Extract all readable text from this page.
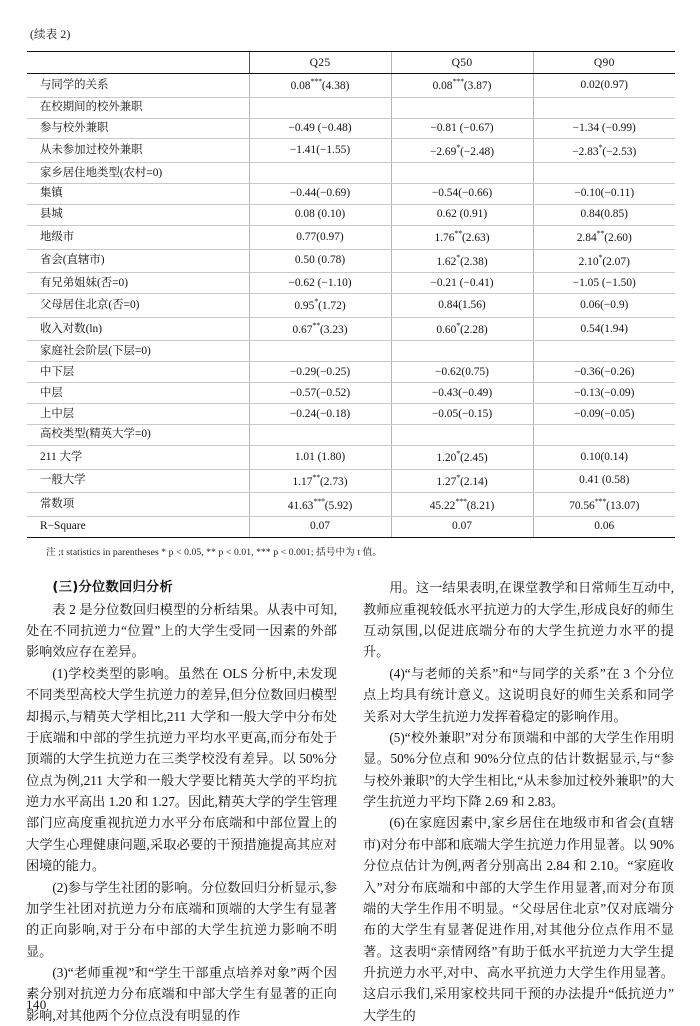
(续表 2)
	Q25	Q50	Q90
与同学的关系	0.08***(4.38)	0.08***(3.87)	0.02(0.97)
在校期间的校外兼职			
参与校外兼职	−0.49 (−0.48)	−0.81 (−0.67)	−1.34 (−0.99)
从未参加过校外兼职	−1.41(−1.55)	−2.69*(−2.48)	−2.83*(−2.53)
家乡居住地类型(农村=0)			
集镇	−0.44(−0.69)	−0.54(−0.66)	−0.10(−0.11)
县城	0.08 (0.10)	0.62 (0.91)	0.84(0.85)
地级市	0.77(0.97)	1.76**(2.63)	2.84**(2.60)
省会(直辖市)	0.50 (0.78)	1.62*(2.38)	2.10*(2.07)
有兄弟姐妹(否=0)	−0.62 (−1.10)	−0.21 (−0.41)	−1.05 (−1.50)
父母居住北京(否=0)	0.95*(1.72)	0.84(1.56)	0.06(−0.9)
收入对数(ln)	0.67**(3.23)	0.60*(2.28)	0.54(1.94)
家庭社会阶层(下层=0)			
中下层	−0.29(−0.25)	−0.62(0.75)	−0.36(−0.26)
中层	−0.57(−0.52)	−0.43(−0.49)	−0.13(−0.09)
上中层	−0.24(−0.18)	−0.05(−0.15)	−0.09(−0.05)
高校类型(精英大学=0)			
211 大学	1.01 (1.80)	1.20*(2.45)	0.10(0.14)
一般大学	1.17**(2.73)	1.27*(2.14)	0.41 (0.58)
常数项	41.63***(5.92)	45.22***(8.21)	70.56***(13.07)
R−Square	0.07	0.07	0.06
注 ;t statistics in parentheses * p < 0.05, ** p < 0.01, *** p < 0.001; 括号中为 t 值。
(三)分位数回归分析

表 2 是分位数回归模型的分析结果。从表中可知,处在不同抗逆力“位置”上的大学生受同一因素的外部影响效应存在差异。

(1)学校类型的影响。虽然在 OLS 分析中,未发现不同类型高校大学生抗逆力的差异,但分位数回归模型却揭示,与精英大学相比,211 大学和一般大学中分布处于底端和中部的学生抗逆力平均水平更高,而分布处于顶端的大学生抗逆力在三类学校没有差异。以 50%分位点为例,211 大学和一般大学要比精英大学的平均抗逆力水平高出 1.20 和 1.27。因此,精英大学的学生管理部门应高度重视抗逆力水平分布底端和中部位置上的大学生心理健康问题,采取必要的干预措施提高其应对困境的能力。

(2)参与学生社团的影响。分位数回归分析显示,参加学生社团对抗逆力分布底端和顶端的大学生有显著的正向影响,对于分布中部的大学生抗逆力影响不明显。

(3)“老师重视”和“学生干部重点培养对象”两个因素分别对抗逆力分布底端和中部大学生有显著的正向影响,对其他两个分位点没有明显的作

用。这一结果表明,在课堂教学和日常师生互动中,教师应重视较低水平抗逆力的大学生,形成良好的师生互动氛围,以促进底端分布的大学生抗逆力水平的提升。

(4)“与老师的关系”和“与同学的关系”在 3 个分位点上均具有统计意义。这说明良好的师生关系和同学关系对大学生抗逆力发挥着稳定的影响作用。

(5)“校外兼职”对分布顶端和中部的大学生作用明显。50%分位点和 90%分位点的估计数据显示,与“参与校外兼职”的大学生相比,“从未参加过校外兼职”的大学生抗逆力平均下降 2.69 和 2.83。

(6)在家庭因素中,家乡居住在地级市和省会(直辖市)对分布中部和底端大学生抗逆力作用显著。以 90%分位点估计为例,两者分别高出 2.84 和 2.10。“家庭收入”对分布底端和中部的大学生作用显著,而对分布顶端的大学生作用不明显。“父母居住北京”仅对底端分布的大学生有显著促进作用,对其他分位点作用不显著。这表明“亲情网络”有助于低水平抗逆力大学生提升抗逆力水平,对中、高水平抗逆力大学生作用显著。这启示我们,采用家校共同干预的办法提升“低抗逆力”大学生的

140
